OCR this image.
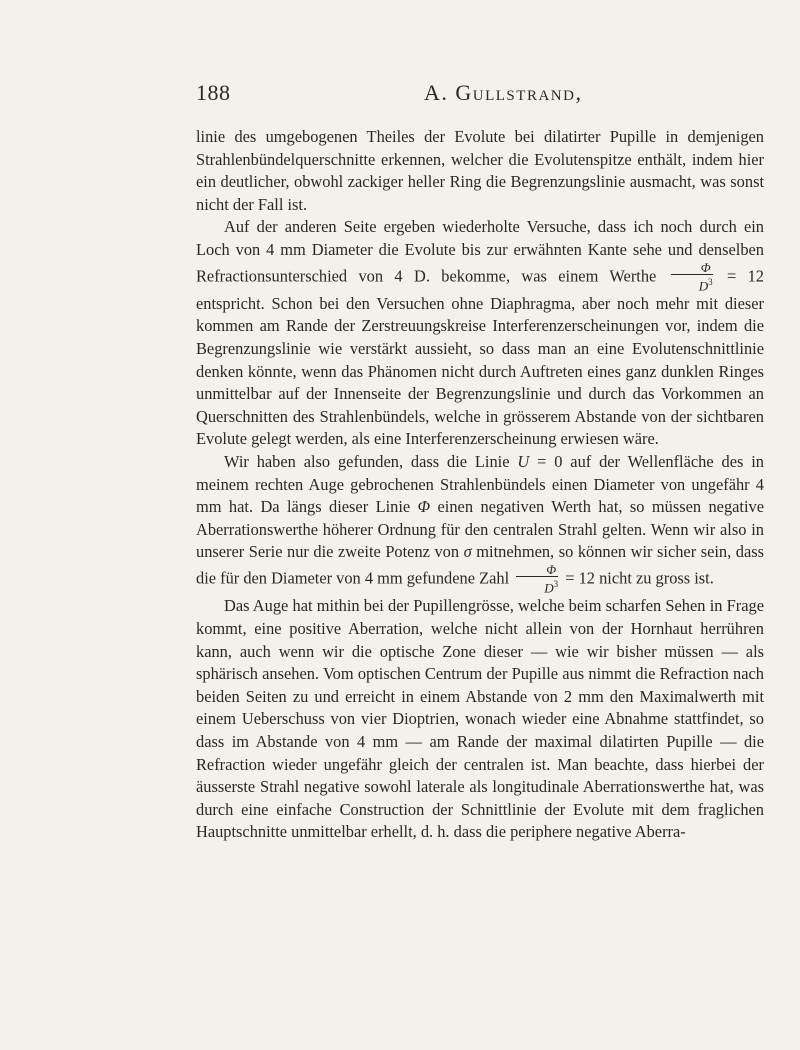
188	A. Gullstrand,

linie des umgebogenen Theiles der Evolute bei dilatirter Pupille in demjenigen Strahlenbündelquerschnitte erkennen, welcher die Evolutenspitze enthält, indem hier ein deutlicher, obwohl zackiger heller Ring die Begrenzungslinie ausmacht, was sonst nicht der Fall ist.

Auf der anderen Seite ergeben wiederholte Versuche, dass ich noch durch ein Loch von 4 mm Diameter die Evolute bis zur erwähnten Kante sehe und denselben Refractionsunterschied von 4 D. bekomme, was einem Werthe $\frac{\Phi}{D^3} = 12$ entspricht. Schon bei den Versuchen ohne Diaphragma, aber noch mehr mit dieser kommen am Rande der Zerstreuungskreise Interferenzerscheinungen vor, indem die Begrenzungslinie wie verstärkt aussieht, so dass man an eine Evolutenschnittlinie denken könnte, wenn das Phänomen nicht durch Auftreten eines ganz dunklen Ringes unmittelbar auf der Innenseite der Begrenzungslinie und durch das Vorkommen an Querschnitten des Strahlenbündels, welche in grösserem Abstande von der sichtbaren Evolute gelegt werden, als eine Interferenzerscheinung erwiesen wäre.

Wir haben also gefunden, dass die Linie U = 0 auf der Wellenfläche des in meinem rechten Auge gebrochenen Strahlenbündels einen Diameter von ungefähr 4 mm hat. Da längs dieser Linie Φ einen negativen Werth hat, so müssen negative Aberrationswerthe höherer Ordnung für den centralen Strahl gelten. Wenn wir also in unserer Serie nur die zweite Potenz von σ mitnehmen, so können wir sicher sein, dass die für den Diameter von 4 mm gefundene Zahl $\frac{\Phi}{D^3} = 12$ nicht zu gross ist.

Das Auge hat mithin bei der Pupillengrösse, welche beim scharfen Sehen in Frage kommt, eine positive Aberration, welche nicht allein von der Hornhaut herrühren kann, auch wenn wir die optische Zone dieser — wie wir bisher müssen — als sphärisch ansehen. Vom optischen Centrum der Pupille aus nimmt die Refraction nach beiden Seiten zu und erreicht in einem Abstande von 2 mm den Maximalwerth mit einem Ueberschuss von vier Dioptrien, wonach wieder eine Abnahme stattfindet, so dass im Abstande von 4 mm — am Rande der maximal dilatirten Pupille — die Refraction wieder ungefähr gleich der centralen ist. Man beachte, dass hierbei der äusserste Strahl negative sowohl laterale als longitudinale Aberrationswerthe hat, was durch eine einfache Construction der Schnittlinie der Evolute mit dem fraglichen Hauptschnitte unmittelbar erhellt, d. h. dass die periphere negative Aberra-
